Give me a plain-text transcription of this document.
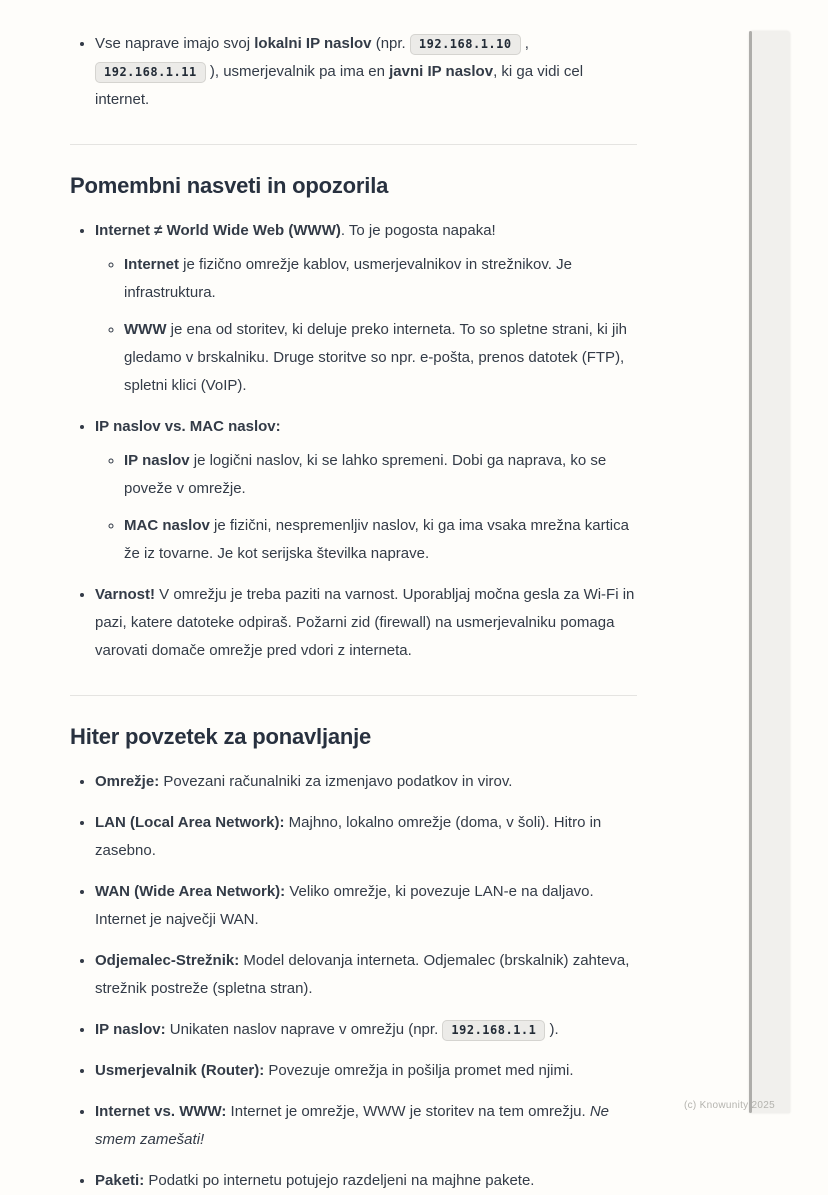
• Vse naprave imajo svoj lokalni IP naslov (npr. 192.168.1.10 , 192.168.1.11 ), usmerjevalnik pa ima en javni IP naslov, ki ga vidi cel internet.
Pomembni nasveti in opozorila
• Internet ≠ World Wide Web (WWW). To je pogosta napaka!
◦ Internet je fizično omrežje kablov, usmerjevalnikov in strežnikov. Je infrastruktura.
◦ WWW je ena od storitev, ki deluje preko interneta. To so spletne strani, ki jih gledamo v brskalniku. Druge storitve so npr. e-pošta, prenos datotek (FTP), spletni klici (VoIP).
• IP naslov vs. MAC naslov:
◦ IP naslov je logični naslov, ki se lahko spremeni. Dobi ga naprava, ko se poveže v omrežje.
◦ MAC naslov je fizični, nespremenljiv naslov, ki ga ima vsaka mrežna kartica že iz tovarne. Je kot serijska številka naprave.
• Varnost! V omrežju je treba paziti na varnost. Uporabljaj močna gesla za Wi-Fi in pazi, katere datoteke odpiraš. Požarni zid (firewall) na usmerjevalniku pomaga varovati domače omrežje pred vdori z interneta.
Hiter povzetek za ponavljanje
• Omrežje: Povezani računalniki za izmenjavo podatkov in virov.
• LAN (Local Area Network): Majhno, lokalno omrežje (doma, v šoli). Hitro in zasebno.
• WAN (Wide Area Network): Veliko omrežje, ki povezuje LAN-e na daljavo. Internet je največji WAN.
• Odjemalec-Strežnik: Model delovanja interneta. Odjemalec (brskalnik) zahteva, strežnik postreže (spletna stran).
• IP naslov: Unikaten naslov naprave v omrežju (npr. 192.168.1.1 ).
• Usmerjevalnik (Router): Povezuje omrežja in pošilja promet med njimi.
• Internet vs. WWW: Internet je omrežje, WWW je storitev na tem omrežju. Ne smem zamešati!
• Paketi: Podatki po internetu potujejo razdeljeni na majhne pakete.
(c) Knowunity 2025
